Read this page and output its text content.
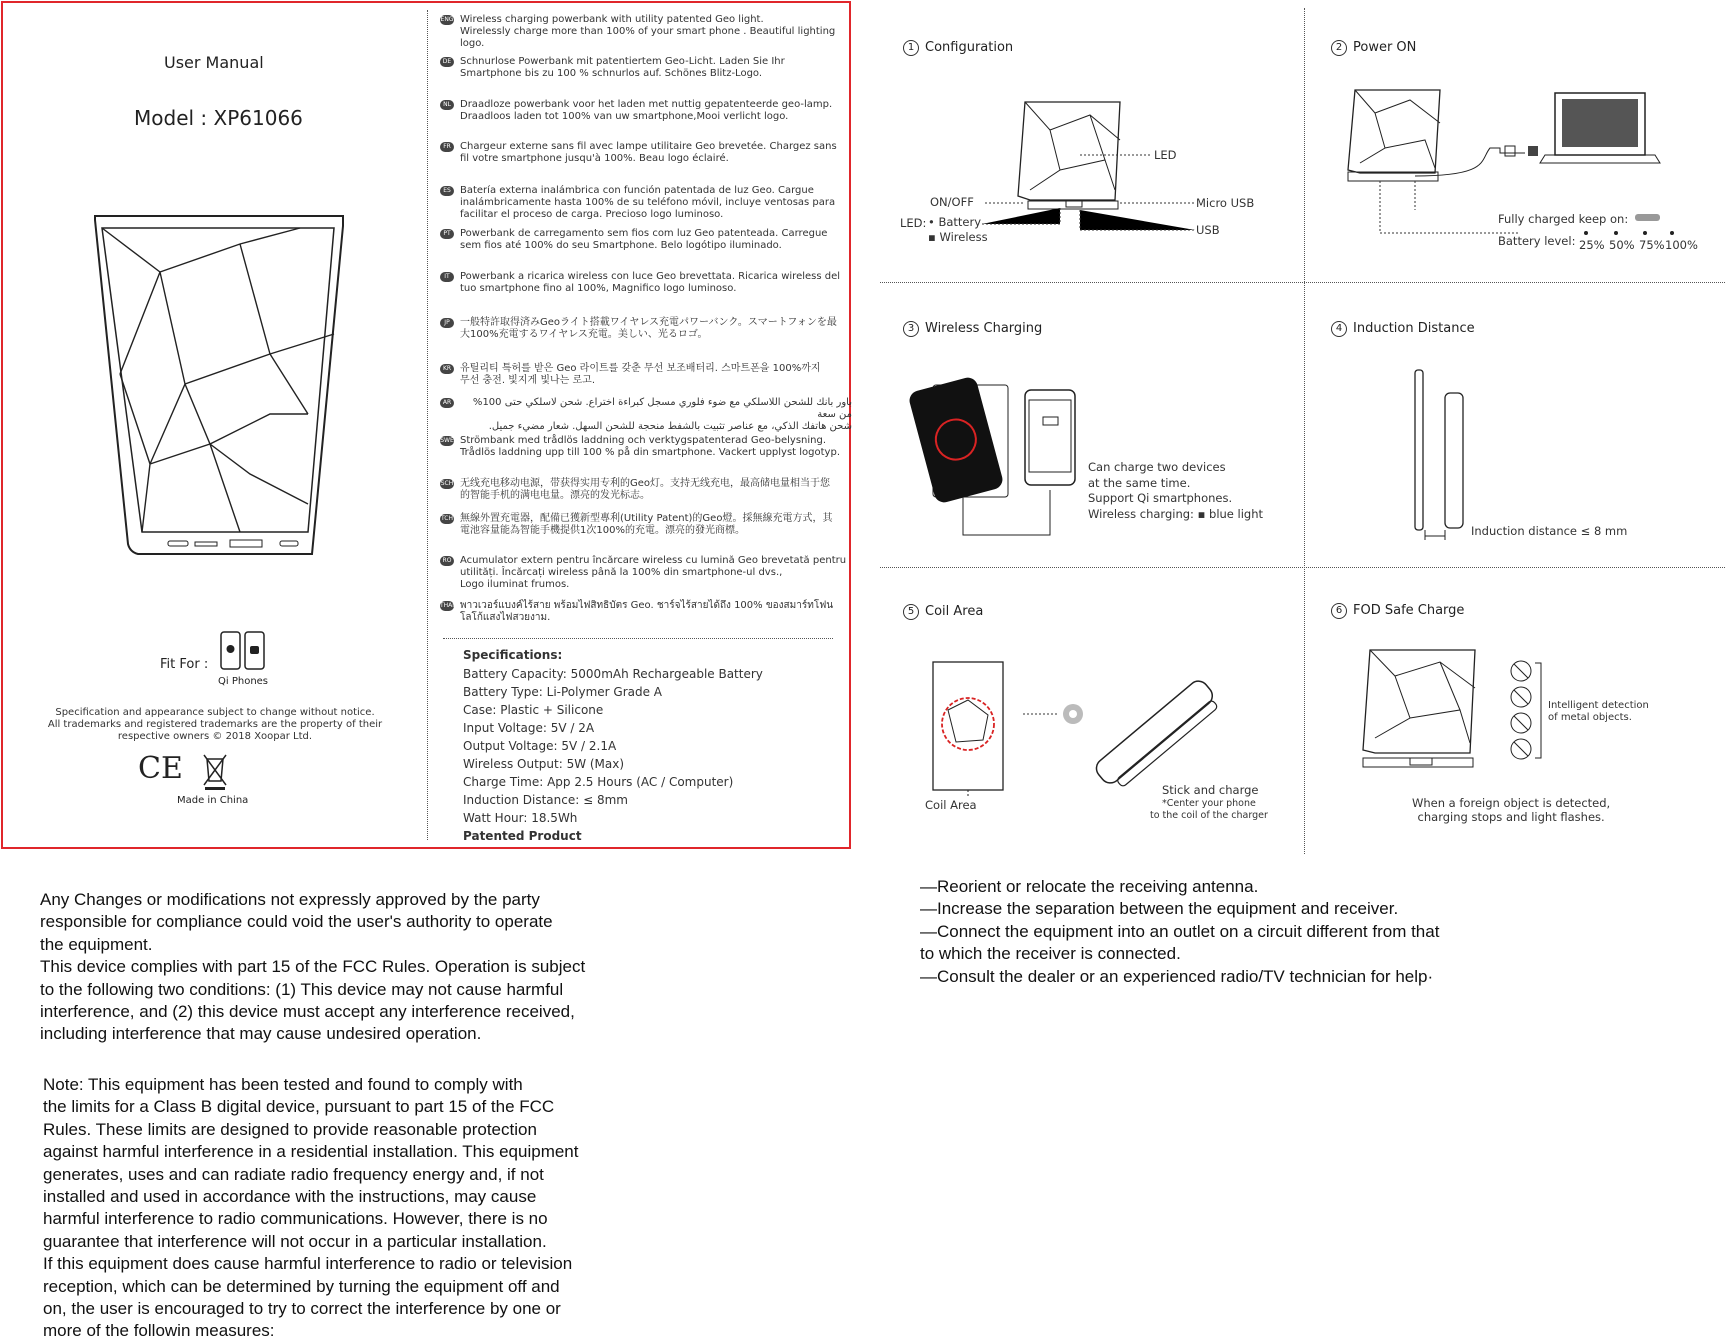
User Manual
Model : XP61066
Fit For :
Qi Phones
Specification and appearance subject to change without notice.
All trademarks and registered trademarks are the property of their
respective owners © 2018 Xoopar Ltd.
CE
Made in China
ENG Wireless charging powerbank with utility patented Geo light.
Wirelessly charge more than 100% of your smart phone . Beautiful lighting logo.
DE Schnurlose Powerbank mit patentiertem Geo-Licht. Laden Sie Ihr
Smartphone bis zu 100 % schnurlos auf. Schönes Blitz-Logo.
NL Draadloze powerbank voor het laden met nuttig gepatenteerde geo-lamp.
Draadloos laden tot 100% van uw smartphone,Mooi verlicht logo.
FR Chargeur externe sans fil avec lampe utilitaire Geo brevetée. Chargez sans
fil votre smartphone jusqu'à 100%. Beau logo éclairé.
ES Batería externa inalámbrica con función patentada de luz Geo. Cargue
inalámbricamente hasta 100% de su teléfono móvil, incluye ventosas para
facilitar el proceso de carga. Precioso logo luminoso.
PT Powerbank de carregamento sem fios com luz Geo patenteada. Carregue
sem fios até 100% do seu Smartphone. Belo logótipo iluminado.
IT	Powerbank a ricarica wireless con luce Geo brevettata. Ricarica wireless del
tuo smartphone fino al 100%, Magnifico logo luminoso.
JP	一般特許取得済みGeoライト搭載ワイヤレス充電パワーバンク。スマートフォンを最
大100%充電するワイヤレス充電。美しい、光るロゴ。
KR 유틸리티 특허를 받은 Geo 라이트를 갖춘 무선 보조배터리. 스마트폰을 100%까지
무선 충전. 빛지게 빛나는 로고.
AR	باور بانك للشحن اللاسلكي مع ضوء فلوري مسجل كبراءة اختراع. شحن لاسلكي حتى 100% من سعة
شحن هاتفك الذكي، مع عناصر تثبيت بالشفط منحجة للشحن السهل. شعار مضيء جميل.
SWE Strömbank med trådlös laddning och verktygspatenterad Geo-belysning.
Trådlös laddning upp till 100 % på din smartphone. Vackert upplyst logotyp.
SCH 无线充电移动电源，带获得实用专利的Geo灯。支持无线充电，最高储电量相当于您
的智能手机的满电电量。漂亮的发光标志。
TCH 無線外置充電器，配備已獲新型專利(Utility Patent)的Geo燈。採無線充電方式，其
電池容量能為智能手機提供1次100%的充電。漂亮的發光商標。
RO Acumulator extern pentru încărcare wireless cu lumină Geo brevetată pentru
utilități. Încărcați wireless până la 100% din smartphone-ul dvs.,
Logo iluminat frumos.
THAI พาวเวอร์แบงค์ไร้สาย พร้อมไฟสิทธิบัตร Geo. ชาร์จไร้สายได้ถึง 100% ของสมาร์ทโฟน
โลโก้แสงไฟสวยงาม.
Specifications:
Battery Capacity: 5000mAh Rechargeable Battery
Battery Type: Li-Polymer Grade A
Case: Plastic + Silicone
Input Voltage: 5V / 2A
Output Voltage: 5V / 2.1A
Wireless Output: 5W (Max)
Charge Time: App 2.5 Hours (AC / Computer)
Induction Distance: ≤ 8mm
Watt Hour: 18.5Wh
Patented Product
1 Configuration
LED
ON/OFF	Micro USB
LED: • Battery
USB
▪ Wireless
2 Power ON
Fully charged keep on:
Battery level: 25% 50% 75% 100%
3 Wireless Charging
Can charge two devices
at the same time.
Support Qi smartphones.
Wireless charging: ▪ blue light
4 Induction Distance
Induction distance ≤ 8 mm
5 Coil Area
Coil Area
Stick and charge
*Center your phone
to the coil of the charger
6 FOD Safe Charge
Intelligent detection
of metal objects.
When a foreign object is detected,
charging stops and light flashes.
Any Changes or modifications not expressly approved by the party
responsible for compliance could void the user's authority to operate
the equipment.
This device complies with part 15 of the FCC Rules. Operation is subject
to the following two conditions: (1) This device may not cause harmful
interference, and (2) this device must accept any interference received,
including interference that may cause undesired operation.
Note: This equipment has been tested and found to comply with
the limits for a Class B digital device, pursuant to part 15 of the FCC
Rules. These limits are designed to provide reasonable protection
against harmful interference in a residential installation. This equipment
generates, uses and can radiate radio frequency energy and, if not
installed and used in accordance with the instructions, may cause
harmful interference to radio communications. However, there is no
guarantee that interference will not occur in a particular installation.
If this equipment does cause harmful interference to radio or television
reception, which can be determined by turning the equipment off and
on, the user is encouraged to try to correct the interference by one or
more of the followin measures:
—Reorient or relocate the receiving antenna.
—Increase the separation between the equipment and receiver.
—Connect the equipment into an outlet on a circuit different from that
to which the receiver is connected.
—Consult the dealer or an experienced radio/TV technician for help·
